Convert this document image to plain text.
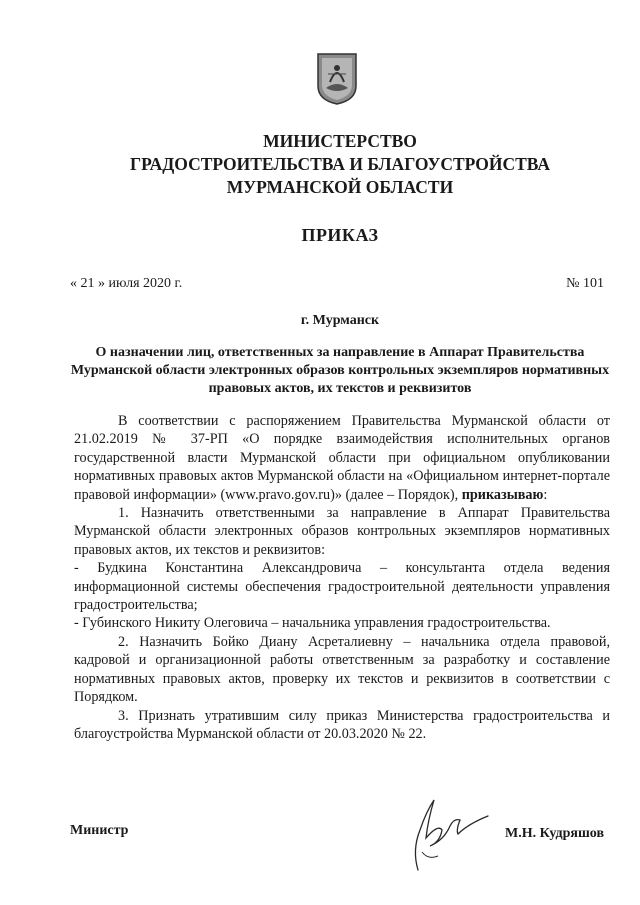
МИНИСТЕРСТВО
ГРАДОСТРОИТЕЛЬСТВА И БЛАГОУСТРОЙСТВА
МУРМАНСКОЙ ОБЛАСТИ
ПРИКАЗ
« 21 » июля 2020 г.	№ 101
г. Мурманск
О назначении лиц, ответственных за направление в Аппарат Правительства Мурманской области электронных образов контрольных экземпляров нормативных правовых актов, их текстов и реквизитов

В соответствии с распоряжением Правительства Мурманской области от 21.02.2019 № 37-РП «О порядке взаимодействия исполнительных органов государственной власти Мурманской области при официальном опубликовании нормативных правовых актов Мурманской области на «Официальном интернет-портале правовой информации» (www.pravo.gov.ru)» (далее – Порядок), приказываю:

1. Назначить ответственными за направление в Аппарат Правительства Мурманской области электронных образов контрольных экземпляров нормативных правовых актов, их текстов и реквизитов:

- Будкина Константина Александровича – консультанта отдела ведения информационной системы обеспечения градостроительной деятельности управления градостроительства;

- Губинского Никиту Олеговича – начальника управления градостроительства.

2. Назначить Бойко Диану Асреталиевну – начальника отдела правовой, кадровой и организационной работы ответственным за разработку и составление нормативных правовых актов, проверку их текстов и реквизитов в соответствии с Порядком.

3. Признать утратившим силу приказ Министерства градостроительства и благоустройства Мурманской области от 20.03.2020 № 22.

Министр	М.Н. Кудряшов
